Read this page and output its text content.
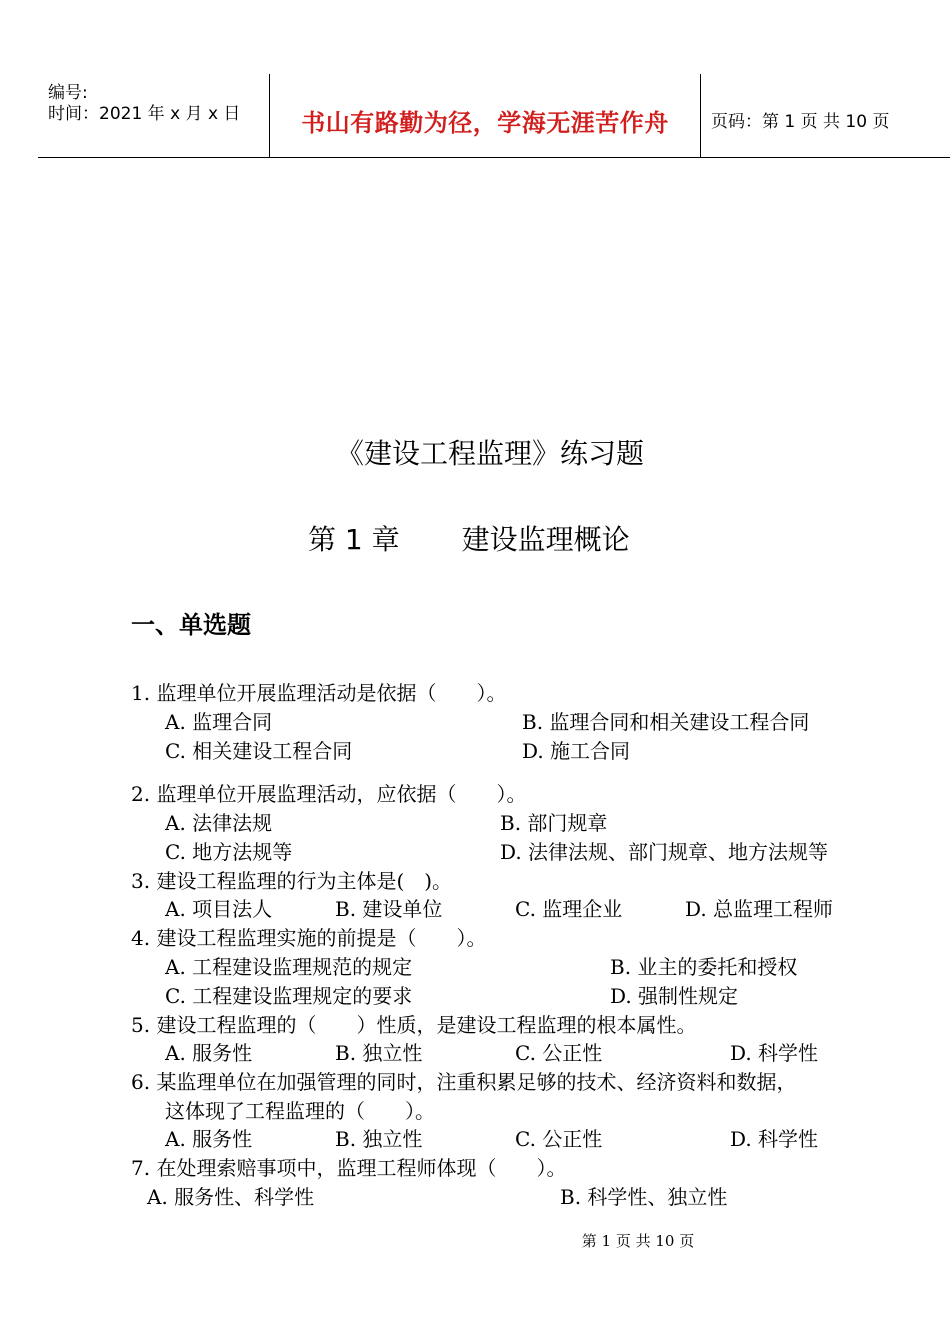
编号:
时间：2021 年 x 月 x 日	书山有路勤为径，学海无涯苦作舟	页码：第 1 页 共 10 页
《建设工程监理》练习题
第 1 章 建设监理概论
一、单选题
1. 监理单位开展监理活动是依据（　　）。
A. 监理合同	B. 监理合同和相关建设工程合同
C. 相关建设工程合同	D. 施工合同
2. 监理单位开展监理活动，应依据（　　）。
A. 法律法规	B. 部门规章
C. 地方法规等	D. 法律法规、部门规章、地方法规等
3. 建设工程监理的行为主体是(　)。
A. 项目法人	B. 建设单位	C. 监理企业	D. 总监理工程师
4. 建设工程监理实施的前提是（　　）。
A. 工程建设监理规范的规定	B. 业主的委托和授权
C. 工程建设监理规定的要求	D. 强制性规定
5. 建设工程监理的（　　）性质，是建设工程监理的根本属性。
A. 服务性	B. 独立性	C. 公正性	D. 科学性
6. 某监理单位在加强管理的同时，注重积累足够的技术、经济资料和数据，
这体现了工程监理的（　　）。
A. 服务性	B. 独立性	C. 公正性	D. 科学性
7. 在处理索赔事项中，监理工程师体现（　　）。
A. 服务性、科学性	B. 科学性、独立性
第 1 页 共 10 页
